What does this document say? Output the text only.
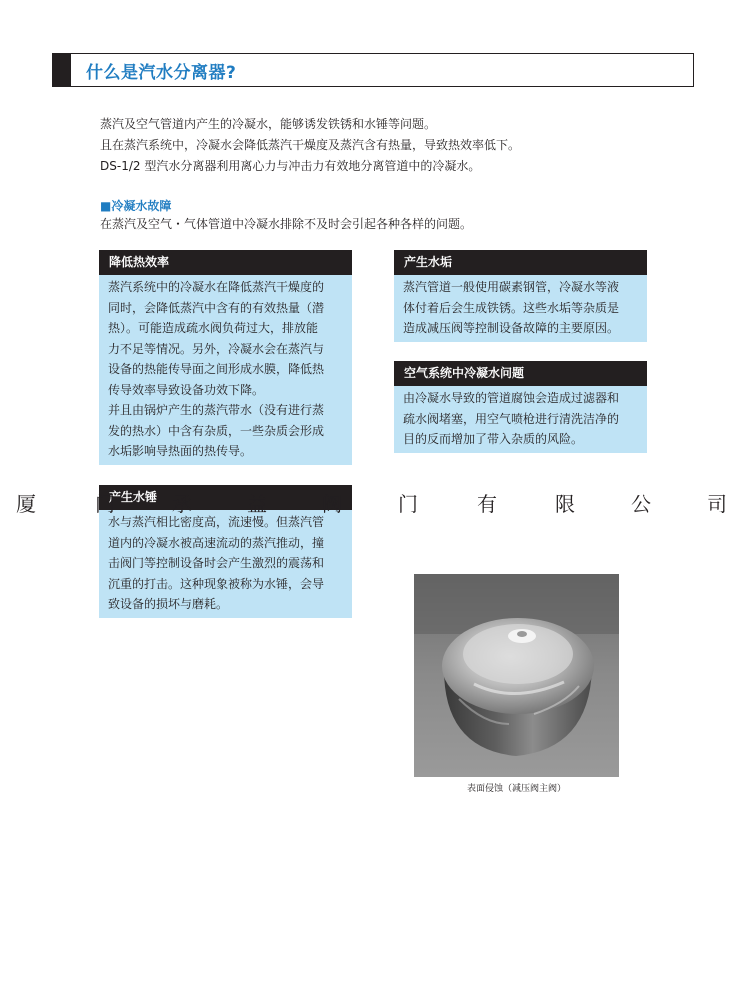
什么是汽水分离器?
蒸汽及空气管道内产生的冷凝水，能够诱发铁锈和水锤等问题。
且在蒸汽系统中，冷凝水会降低蒸汽干燥度及蒸汽含有热量，导致热效率低下。
DS-1/2 型汽水分离器利用离心力与冲击力有效地分离管道中的冷凝水。
■冷凝水故障
在蒸汽及空气・气体管道中冷凝水排除不及时会引起各种各样的问题。
降低热效率
蒸汽系统中的冷凝水在降低蒸汽干燥度的
同时，会降低蒸汽中含有的有效热量（潜
热）。可能造成疏水阀负荷过大，排放能
力不足等情况。另外，冷凝水会在蒸汽与
设备的热能传导面之间形成水膜，降低热
传导效率导致设备功效下降。
并且由锅炉产生的蒸汽带水（没有进行蒸
发的热水）中含有杂质，一些杂质会形成
水垢影响导热面的热传导。
产生水垢
蒸汽管道一般使用碳素钢管，冷凝水等液
体付着后会生成铁锈。这些水垢等杂质是
造成减压阀等控制设备故障的主要原因。
空气系统中冷凝水问题
由冷凝水导致的管道腐蚀会造成过滤器和
疏水阀堵塞，用空气喷枪进行清洗洁净的
目的反而增加了带入杂质的风险。
产生水锤
水与蒸汽相比密度高，流速慢。但蒸汽管
道内的冷凝水被高速流动的蒸汽推动，撞
击阀门等控制设备时会产生激烈的震荡和
沉重的打击。这种现象被称为水锤，会导
致设备的损坏与磨耗。
厦	门	承	益	阀	门	有	限	公	司
表面侵蚀（减压阀主阀）
